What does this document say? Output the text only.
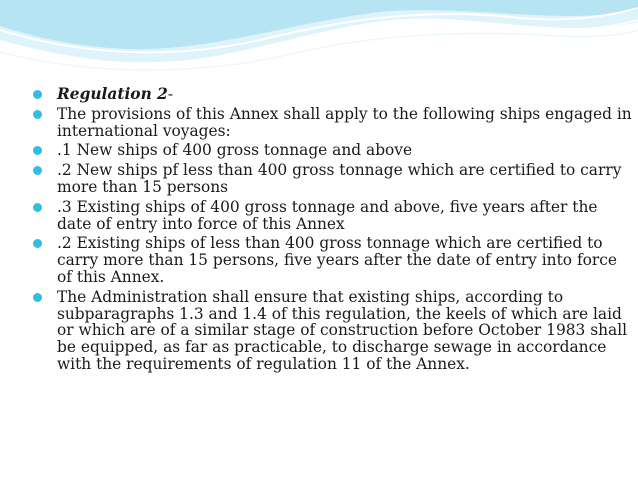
Regulation 2-
The provisions of this Annex shall apply to the following ships engaged in international voyages:
.1 New ships of 400 gross tonnage and above
.2 New ships pf less than 400 gross tonnage which are certified to carry more than 15 persons
.3 Existing ships of 400 gross tonnage and above, five years after the date of entry into force of this Annex
.2 Existing ships of less than 400 gross tonnage which are certified to carry more than 15 persons, five years after the date of entry into force of this Annex.
The Administration shall ensure that existing ships, according to subparagraphs 1.3 and 1.4 of this regulation, the keels of which are laid or which are of a similar stage of construction before October 1983 shall be equipped, as far as practicable, to discharge sewage in accordance with the requirements of regulation 11 of the Annex.
